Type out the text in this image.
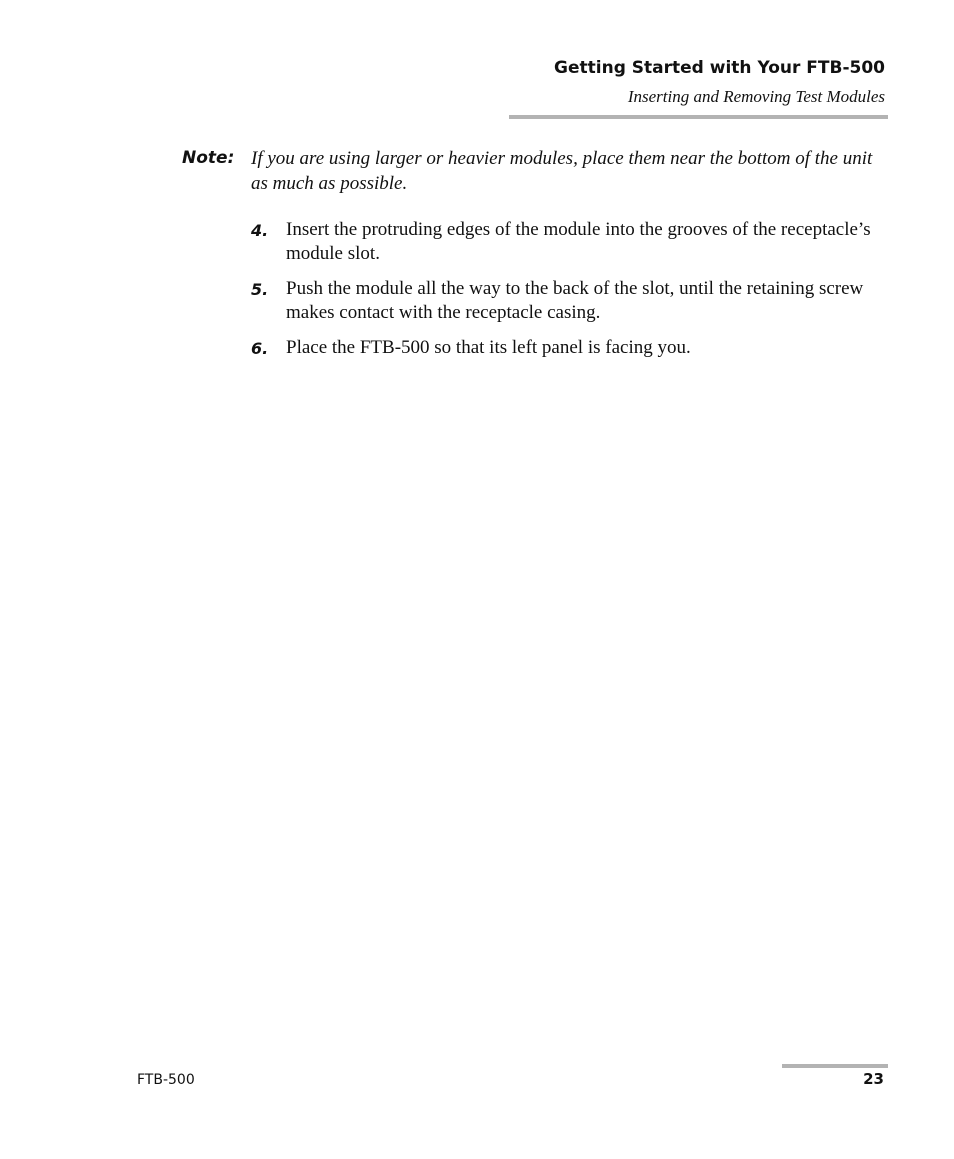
Getting Started with Your FTB-500
Inserting and Removing Test Modules
Note: If you are using larger or heavier modules, place them near the bottom of the unit as much as possible.

4. Insert the protruding edges of the module into the grooves of the receptacle’s module slot.
5. Push the module all the way to the back of the slot, until the retaining screw makes contact with the receptacle casing.
6. Place the FTB-500 so that its left panel is facing you.
FTB-500	23
